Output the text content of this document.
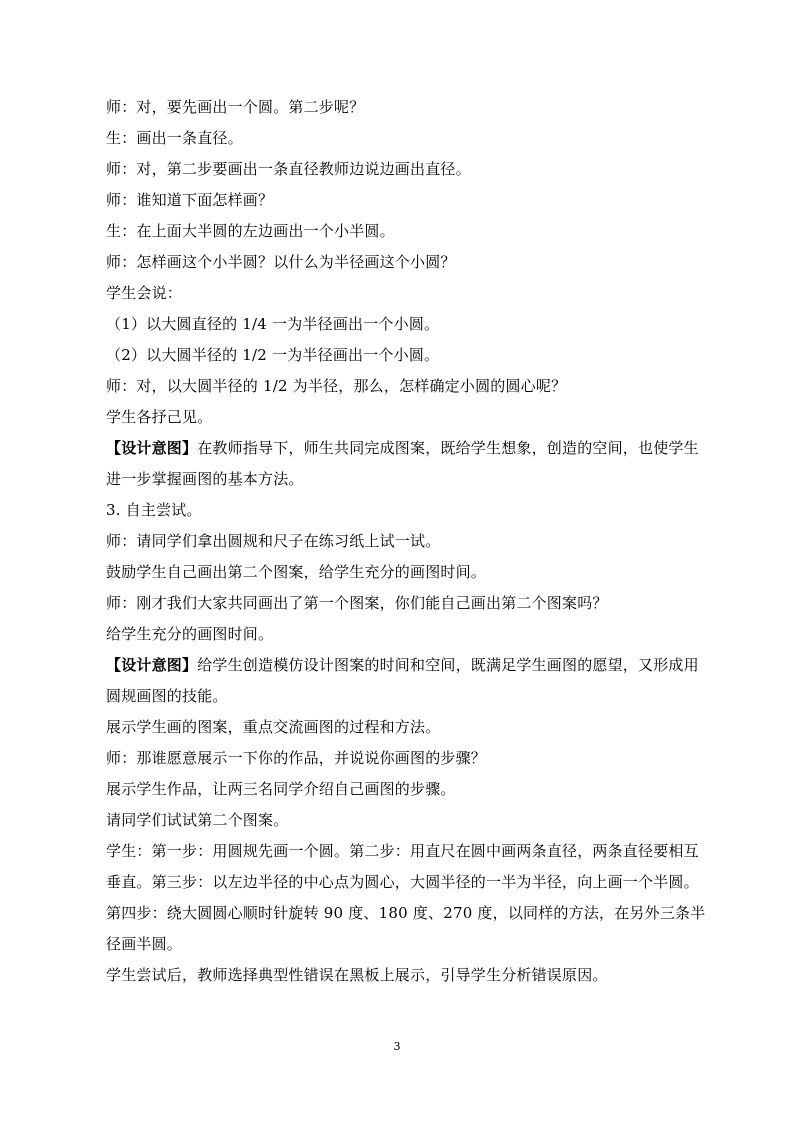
师：对，要先画出一个圆。第二步呢？
生：画出一条直径。
师：对，第二步要画出一条直径教师边说边画出直径。
师：谁知道下面怎样画？
生：在上面大半圆的左边画出一个小半圆。
师：怎样画这个小半圆？以什么为半径画这个小圆？
学生会说：
（1）以大圆直径的 1/4 一为半径画出一个小圆。
（2）以大圆半径的 1/2 一为半径画出一个小圆。
师：对，以大圆半径的 1/2 为半径，那么，怎样确定小圆的圆心呢？
学生各抒己见。
【设计意图】在教师指导下，师生共同完成图案，既给学生想象，创造的空间，也使学生进一步掌握画图的基本方法。
3. 自主尝试。
师：请同学们拿出圆规和尺子在练习纸上试一试。
鼓励学生自己画出第二个图案，给学生充分的画图时间。
师：刚才我们大家共同画出了第一个图案，你们能自己画出第二个图案吗？
给学生充分的画图时间。
【设计意图】给学生创造模仿设计图案的时间和空间，既满足学生画图的愿望，又形成用圆规画图的技能。
展示学生画的图案，重点交流画图的过程和方法。
师：那谁愿意展示一下你的作品，并说说你画图的步骤？
展示学生作品，让两三名同学介绍自己画图的步骤。
请同学们试试第二个图案。
学生：第一步：用圆规先画一个圆。第二步：用直尺在圆中画两条直径，两条直径要相互垂直。第三步：以左边半径的中心点为圆心，大圆半径的一半为半径，向上画一个半圆。第四步：绕大圆圆心顺时针旋转 90 度、180 度、270 度，以同样的方法，在另外三条半径画半圆。
学生尝试后，教师选择典型性错误在黑板上展示，引导学生分析错误原因。
3
